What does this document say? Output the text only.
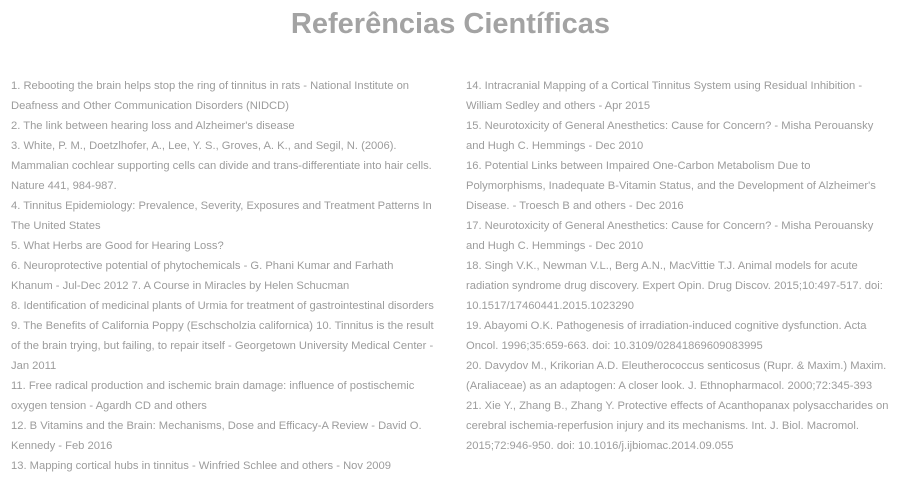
Referências Científicas

1. Rebooting the brain helps stop the ring of tinnitus in rats - National Institute on Deafness and Other Communication Disorders (NIDCD)

2. The link between hearing loss and Alzheimer's disease

3. White, P. M., Doetzlhofer, A., Lee, Y. S., Groves, A. K., and Segil, N. (2006). Mammalian cochlear supporting cells can divide and trans-differentiate into hair cells. Nature 441, 984-987.

4. Tinnitus Epidemiology: Prevalence, Severity, Exposures and Treatment Patterns In The United States

5. What Herbs are Good for Hearing Loss?

6. Neuroprotective potential of phytochemicals - G. Phani Kumar and Farhath Khanum - Jul-Dec 2012 7. A Course in Miracles by Helen Schucman

8. Identification of medicinal plants of Urmia for treatment of gastrointestinal disorders

9. The Benefits of California Poppy (Eschscholzia californica) 10. Tinnitus is the result of the brain trying, but failing, to repair itself - Georgetown University Medical Center - Jan 2011

11. Free radical production and ischemic brain damage: influence of postischemic oxygen tension - Agardh CD and others

12. B Vitamins and the Brain: Mechanisms, Dose and Efficacy-A Review - David O. Kennedy - Feb 2016

13. Mapping cortical hubs in tinnitus - Winfried Schlee and others - Nov 2009

14. Intracranial Mapping of a Cortical Tinnitus System using Residual Inhibition - William Sedley and others - Apr 2015

15. Neurotoxicity of General Anesthetics: Cause for Concern? - Misha Perouansky and Hugh C. Hemmings - Dec 2010

16. Potential Links between Impaired One-Carbon Metabolism Due to Polymorphisms, Inadequate B-Vitamin Status, and the Development of Alzheimer's Disease. - Troesch B and others - Dec 2016

17. Neurotoxicity of General Anesthetics: Cause for Concern? - Misha Perouansky and Hugh C. Hemmings - Dec 2010

18. Singh V.K., Newman V.L., Berg A.N., MacVittie T.J. Animal models for acute radiation syndrome drug discovery. Expert Opin. Drug Discov. 2015;10:497-517. doi: 10.1517/17460441.2015.1023290

19. Abayomi O.K. Pathogenesis of irradiation-induced cognitive dysfunction. Acta Oncol. 1996;35:659-663. doi: 10.3109/02841869609083995

20. Davydov M., Krikorian A.D. Eleutherococcus senticosus (Rupr. & Maxim.) Maxim. (Araliaceae) as an adaptogen: A closer look. J. Ethnopharmacol. 2000;72:345-393

21. Xie Y., Zhang B., Zhang Y. Protective effects of Acanthopanax polysaccharides on cerebral ischemia-reperfusion injury and its mechanisms. Int. J. Biol. Macromol. 2015;72:946-950. doi: 10.1016/j.ijbiomac.2014.09.055
